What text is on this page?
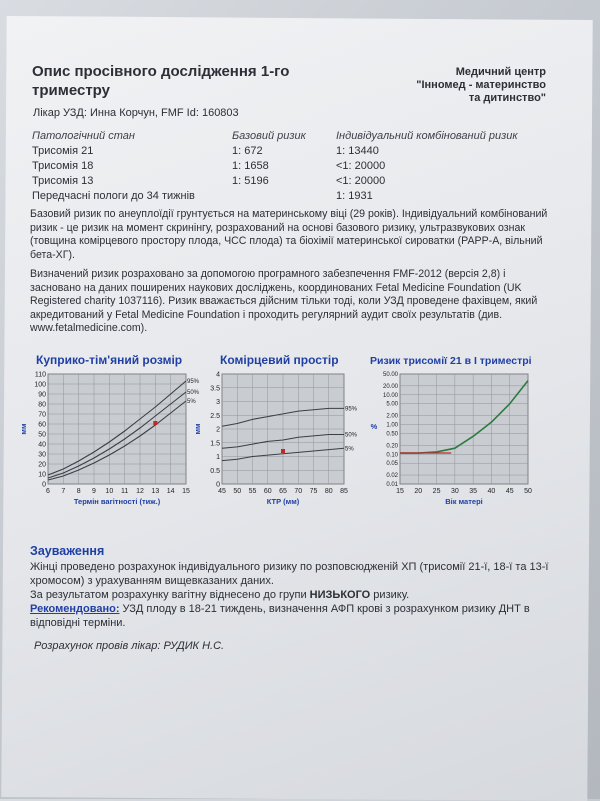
Опис просівного дослідження 1-го
триместру
Медичний центр
"Інномед - материнство
та дитинство"
Лікар УЗД: Инна Корчун, FMF Id: 160803
Патологічний стан	Базовий ризик	Індивідуальний комбінований ризик
Трисомія 21	1: 672	1: 13440
Трисомія 18	1: 1658	<1: 20000
Трисомія 13	1: 5196	<1: 20000
Передчасні пологи до 34 тижнів		1: 1931
Базовий ризик по анеуплоїдії грунтується на материнському віці (29 років). Індивідуальний комбінований ризик - це ризик на момент скринінгу, розрахований на основі базового ризику, ультразвукових ознак (товщина комірцевого простору плода, ЧСС плода) та біохімії материнської сироватки (PAPP-A, вільний бета-ХГ).
Визначений ризик розраховано за допомогою програмного забезпечення FMF-2012 (версія 2,8) і засновано на даних поширених наукових досліджень, координованих Fetal Medicine Foundation (UK Registered charity 1037116). Ризик вважається дійсним тільки тоді, коли УЗД проведене фахівцем, який акредитований у Fetal Medicine Foundation і проходить регулярний аудит своїх результатів (див. www.fetalmedicine.com).
Куприко-тім'яний розмір
6 7 8 9 10 11 12 13 14 15
0
10
20
30
40
50
60
70
80
90
100
110
95%
50%
5%
Термін вагітності (тиж.)
мм
Комірцевий простір
45 50 55 60 65 70 75 80 85
0
0.5
1
1.5
2
2.5
3
3.5
4
95%
50%
5%
КТР (мм)
мм
Ризик трисомії 21 в І триместрі
15 20 25 30 35 40 45 50
0.01
0.02
0.05
0.10
0.20
0.50
1.00
2.00
5.00
10.00
20.00
50.00
Вік матері
%
Зауваження
Жінці проведено розрахунок індивідуального ризику по розповсюдженій ХП (трисомії 21-ї, 18-ї та 13-ї хромосом) з урахуванням вищевказаних даних.
За результатом розрахунку вагітну віднесено до групи НИЗЬКОГО ризику.
Рекомендовано: УЗД плоду в 18-21 тиждень, визначення АФП крові з розрахунком ризику ДНТ в відповідні терміни.
Розрахунок провів лікар: РУДИК Н.С.
